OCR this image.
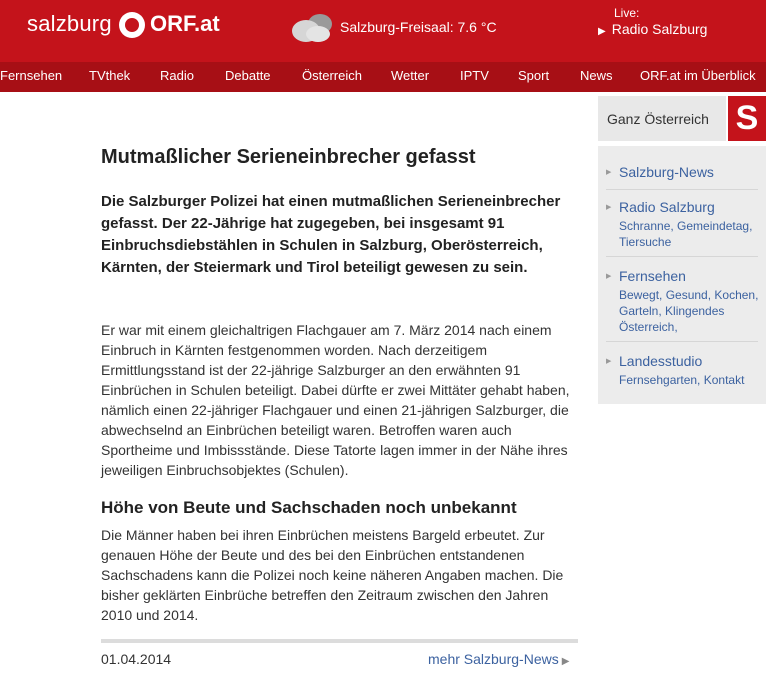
salzburg ORF.at	Salzburg-Freisaal: 7.6 °C
Live:
▶ Radio Salzburg
Fernsehen TVthek Radio Debatte Österreich Wetter IPTV Sport News ORF.at im Überblick
Mutmaßlicher Serieneinbrecher gefasst

Die Salzburger Polizei hat einen mutmaßlichen Serieneinbrecher gefasst. Der 22-Jährige hat zugegeben, bei insgesamt 91 Einbruchsdiebstählen in Schulen in Salzburg, Oberösterreich, Kärnten, der Steiermark und Tirol beteiligt gewesen zu sein.

Er war mit einem gleichaltrigen Flachgauer am 7. März 2014 nach einem Einbruch in Kärnten festgenommen worden. Nach derzeitigem Ermittlungsstand ist der 22-jährige Salzburger an den erwähnten 91 Einbrüchen in Schulen beteiligt. Dabei dürfte er zwei Mittäter gehabt haben, nämlich einen 22-jähriger Flachgauer und einen 21-jährigen Salzburger, die abwechselnd an Einbrüchen beteiligt waren. Betroffen waren auch Sportheime und Imbissstände. Diese Tatorte lagen immer in der Nähe ihres jeweiligen Einbruchsobjektes (Schulen).

Höhe von Beute und Sachschaden noch unbekannt

Die Männer haben bei ihren Einbrüchen meistens Bargeld erbeutet. Zur genauen Höhe der Beute und des bei den Einbrüchen entstandenen Sachschadens kann die Polizei noch keine näheren Angaben machen. Die bisher geklärten Einbrüche betreffen den Zeitraum zwischen den Jahren 2010 und 2014.

01.04.2014	mehr Salzburg-News ▶
Ganz Österreich S
▶ Salzburg-News
▶ Radio Salzburg
Schranne, Gemeindetag, Tiersuche
▶ Fernsehen
Bewegt, Gesund, Kochen, Garteln, Klingendes Österreich,
▶ Landesstudio
Fernsehgarten, Kontakt
